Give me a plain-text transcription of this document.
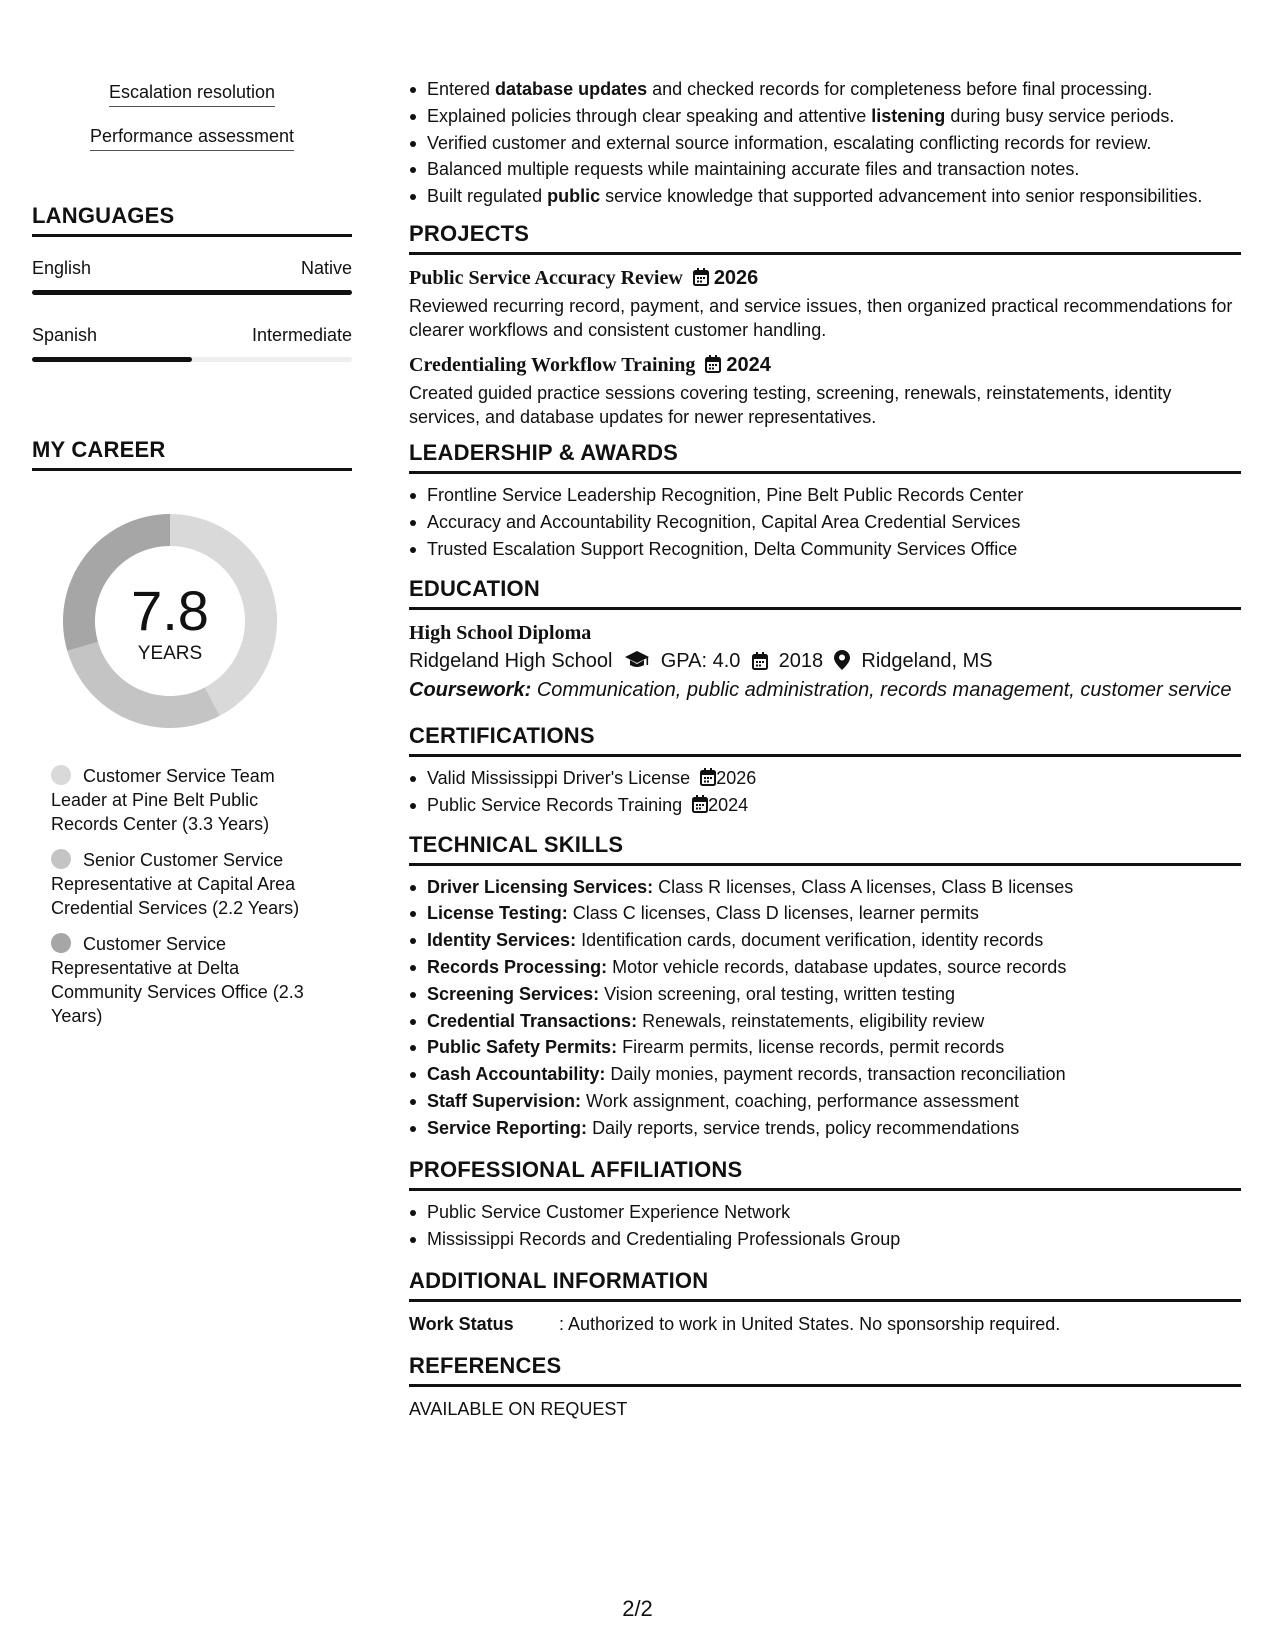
Escalation resolution
Performance assessment
LANGUAGES
English	Native
Spanish	Intermediate
MY CAREER
7.8
YEARS
Customer Service Team Leader at Pine Belt Public Records Center (3.3 Years)
Senior Customer Service Representative at Capital Area Credential Services (2.2 Years)
Customer Service Representative at Delta Community Services Office (2.3 Years)
Entered database updates and checked records for completeness before final processing.
Explained policies through clear speaking and attentive listening during busy service periods.
Verified customer and external source information, escalating conflicting records for review.
Balanced multiple requests while maintaining accurate files and transaction notes.
Built regulated public service knowledge that supported advancement into senior responsibilities.
PROJECTS
Public Service Accuracy Review 2026
Reviewed recurring record, payment, and service issues, then organized practical recommendations for clearer workflows and consistent customer handling.
Credentialing Workflow Training 2024
Created guided practice sessions covering testing, screening, renewals, reinstatements, identity services, and database updates for newer representatives.
LEADERSHIP & AWARDS
Frontline Service Leadership Recognition, Pine Belt Public Records Center
Accuracy and Accountability Recognition, Capital Area Credential Services
Trusted Escalation Support Recognition, Delta Community Services Office
EDUCATION
High School Diploma
Ridgeland High School GPA: 4.0 2018 Ridgeland, MS
Coursework: Communication, public administration, records management, customer service
CERTIFICATIONS
Valid Mississippi Driver's License 2026
Public Service Records Training 2024
TECHNICAL SKILLS
Driver Licensing Services: Class R licenses, Class A licenses, Class B licenses
License Testing: Class C licenses, Class D licenses, learner permits
Identity Services: Identification cards, document verification, identity records
Records Processing: Motor vehicle records, database updates, source records
Screening Services: Vision screening, oral testing, written testing
Credential Transactions: Renewals, reinstatements, eligibility review
Public Safety Permits: Firearm permits, license records, permit records
Cash Accountability: Daily monies, payment records, transaction reconciliation
Staff Supervision: Work assignment, coaching, performance assessment
Service Reporting: Daily reports, service trends, policy recommendations
PROFESSIONAL AFFILIATIONS
Public Service Customer Experience Network
Mississippi Records and Credentialing Professionals Group
ADDITIONAL INFORMATION
Work Status	: Authorized to work in United States. No sponsorship required.
REFERENCES
AVAILABLE ON REQUEST
2/2
